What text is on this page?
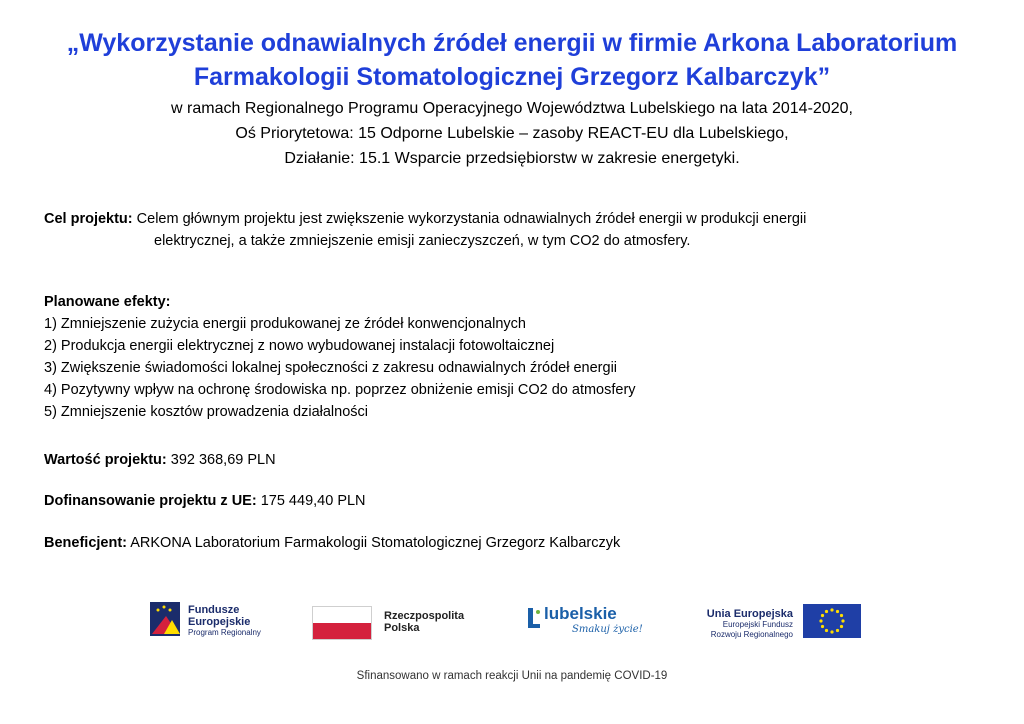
„Wykorzystanie odnawialnych źródeł energii w firmie Arkona Laboratorium
Farmakologii Stomatologicznej Grzegorz Kalbarczyk”
w ramach Regionalnego Programu Operacyjnego Województwa Lubelskiego na lata 2014-2020,
Oś Priorytetowa: 15 Odporne Lubelskie – zasoby REACT-EU dla Lubelskiego,
Działanie: 15.1 Wsparcie przedsiębiorstw w zakresie energetyki.
Cel projektu: Celem głównym projektu jest zwiększenie wykorzystania odnawialnych źródeł energii w produkcji energii
elektrycznej, a także zmniejszenie emisji zanieczyszczeń, w tym CO2 do atmosfery.
Planowane efekty:
1) Zmniejszenie zużycia energii produkowanej ze źródeł konwencjonalnych
2) Produkcja energii elektrycznej z nowo wybudowanej instalacji fotowoltaicznej
3) Zwiększenie świadomości lokalnej społeczności z zakresu odnawialnych źródeł energii
4) Pozytywny wpływ na ochronę środowiska np. poprzez obniżenie emisji CO2 do atmosfery
5) Zmniejszenie kosztów prowadzenia działalności
Wartość projektu: 392 368,69 PLN
Dofinansowanie projektu z UE: 175 449,40 PLN
Beneficjent: ARKONA Laboratorium Farmakologii Stomatologicznej Grzegorz Kalbarczyk
Fundusze
Europejskie
Program Regionalny
Rzeczpospolita
Polska
lubelskie
Smakuj życie!
Unia Europejska
Europejski Fundusz
Rozwoju Regionalnego
Sfinansowano w ramach reakcji Unii na pandemię COVID-19
